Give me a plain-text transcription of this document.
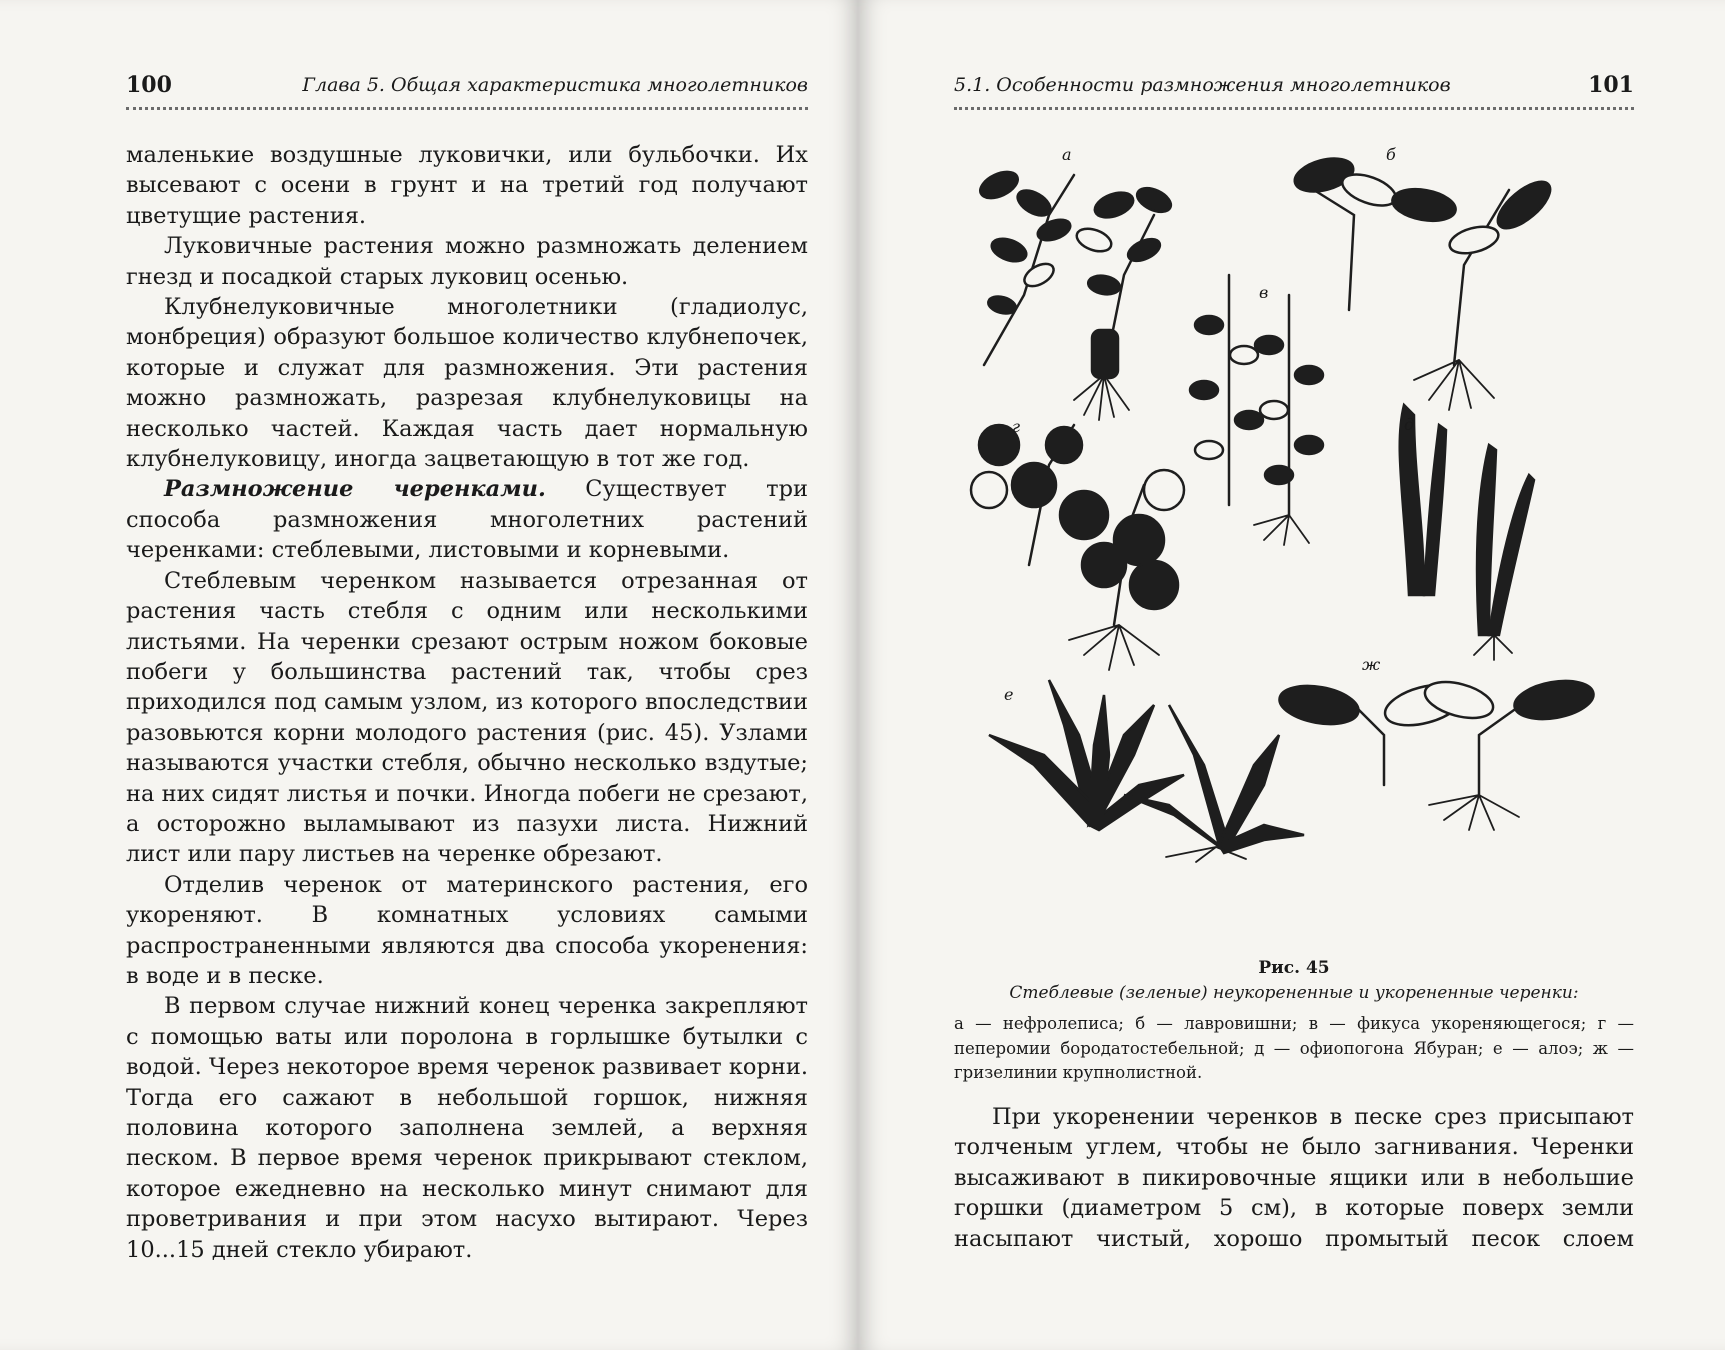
100	Глава 5. Общая характеристика многолетников

маленькие воздушные луковички, или бульбочки. Их высевают с осени в грунт и на третий год получают цветущие растения.

Луковичные растения можно размножать делением гнезд и посадкой старых луковиц осенью.

Клубнелуковичные многолетники (гладиолус, монбреция) образуют большое количество клубнепочек, которые и служат для размножения. Эти растения можно размножать, разрезая клубнелуковицы на несколько частей. Каждая часть дает нормальную клубнелуковицу, иногда зацветающую в тот же год.

Размножение черенками. Существует три способа размножения многолетних растений черенками: стеблевыми, листовыми и корневыми.

Стеблевым черенком называется отрезанная от растения часть стебля с одним или несколькими листьями. На черенки срезают острым ножом боковые побеги у большинства растений так, чтобы срез приходился под самым узлом, из которого впоследствии разовьются корни молодого растения (рис. 45). Узлами называются участки стебля, обычно несколько вздутые; на них сидят листья и почки. Иногда побеги не срезают, а осторожно выламывают из пазухи листа. Нижний лист или пару листьев на черенке обрезают.

Отделив черенок от материнского растения, его укореняют. В комнатных условиях самыми распространенными являются два способа укоренения: в воде и в песке.

В первом случае нижний конец черенка закрепляют с помощью ваты или поролона в горлышке бутылки с водой. Через некоторое время черенок развивает корни. Тогда его сажают в небольшой горшок, нижняя половина которого заполнена землей, а верхняя песком. В первое время черенок прикрывают стеклом, которое ежедневно на несколько минут снимают для проветривания и при этом насухо вытирают. Через 10...15 дней стекло убирают.

5.1. Особенности размножения многолетников	101
а	б
в
г	д
е
ж
Рис. 45
Стеблевые (зеленые) неукорененные и укорененные черенки:
а — нефролеписа; б — лавровишни; в — фикуса укореняющегося; г — пеперомии бородатостебельной; д — офиопогона Ябуран; е — алоэ; ж — гризелинии крупнолистной.

При укоренении черенков в песке срез присыпают толченым углем, чтобы не было загнивания. Черенки высаживают в пикировочные ящики или в небольшие горшки (диаметром 5 см), в которые поверх земли насыпают чистый, хорошо промытый песок слоем
